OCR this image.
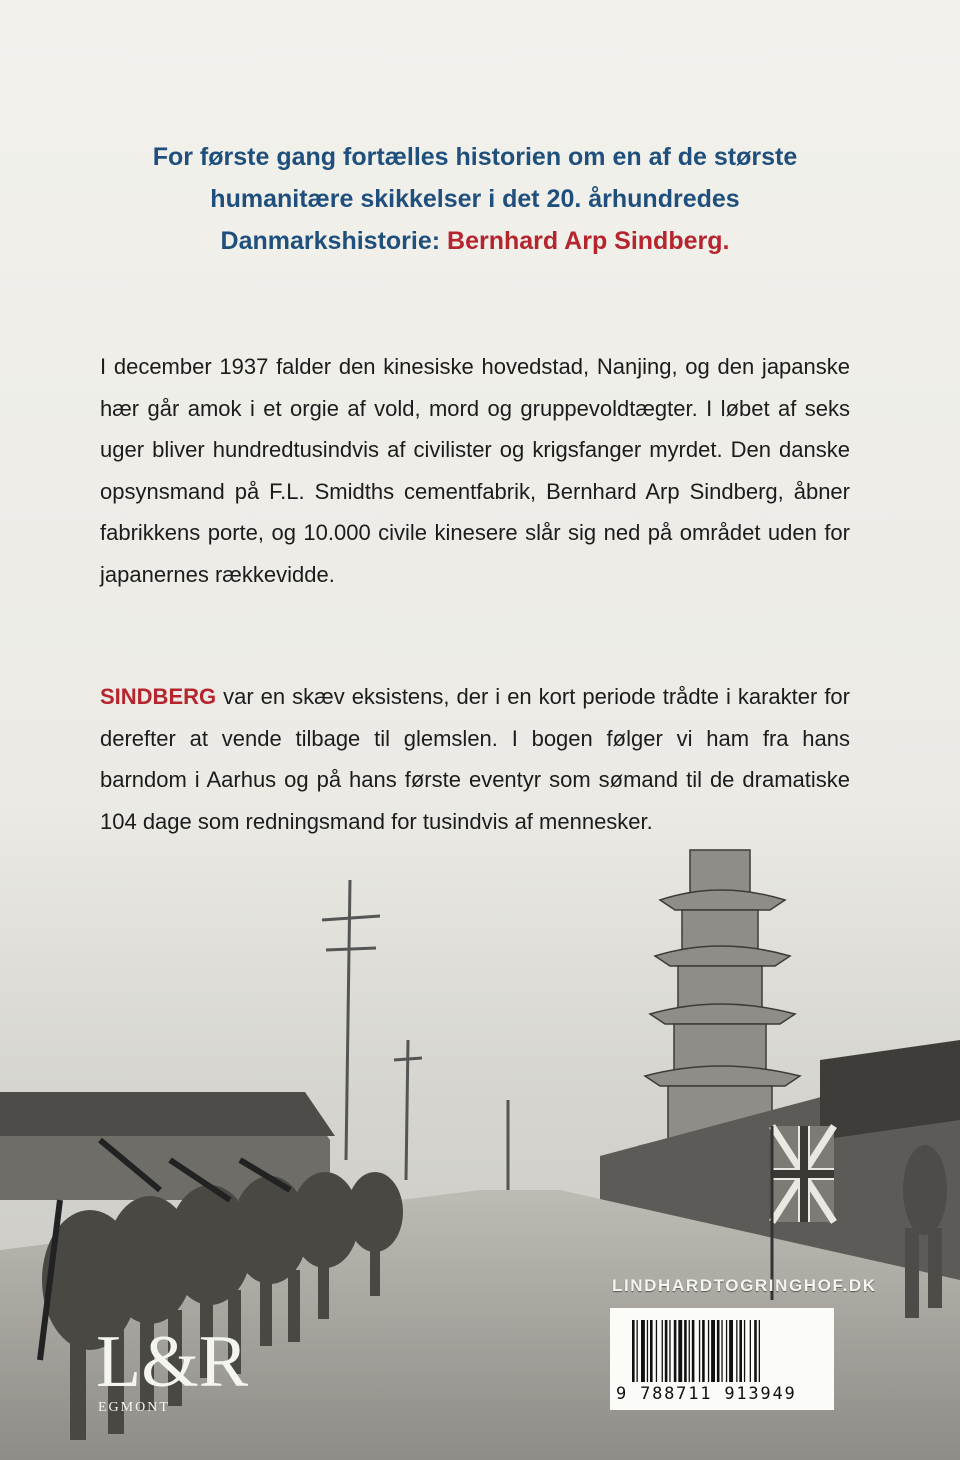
For første gang fortælles historien om en af de største
humanitære skikkelser i det 20. århundredes
Danmarkshistorie: Bernhard Arp Sindberg.
I december 1937 falder den kinesiske hovedstad, Nanjing, og den japanske hær går amok i et orgie af vold, mord og gruppevoldtægter. I løbet af seks uger bliver hundredtusindvis af civilister og krigsfanger myrdet. Den danske opsynsmand på F.L. Smidths cementfabrik, Bernhard Arp Sindberg, åbner fabrikkens porte, og 10.000 civile kinesere slår sig ned på området uden for japanernes rækkevidde.
SINDBERG var en skæv eksistens, der i en kort periode trådte i karakter for derefter at vende tilbage til glemslen. I bogen følger vi ham fra hans barndom i Aarhus og på hans første eventyr som sømand til de dramatiske 104 dage som redningsmand for tusindvis af mennesker.
L&R
EGMONT
LINDHARDTOGRINGHOF.DK
9 788711 913949
